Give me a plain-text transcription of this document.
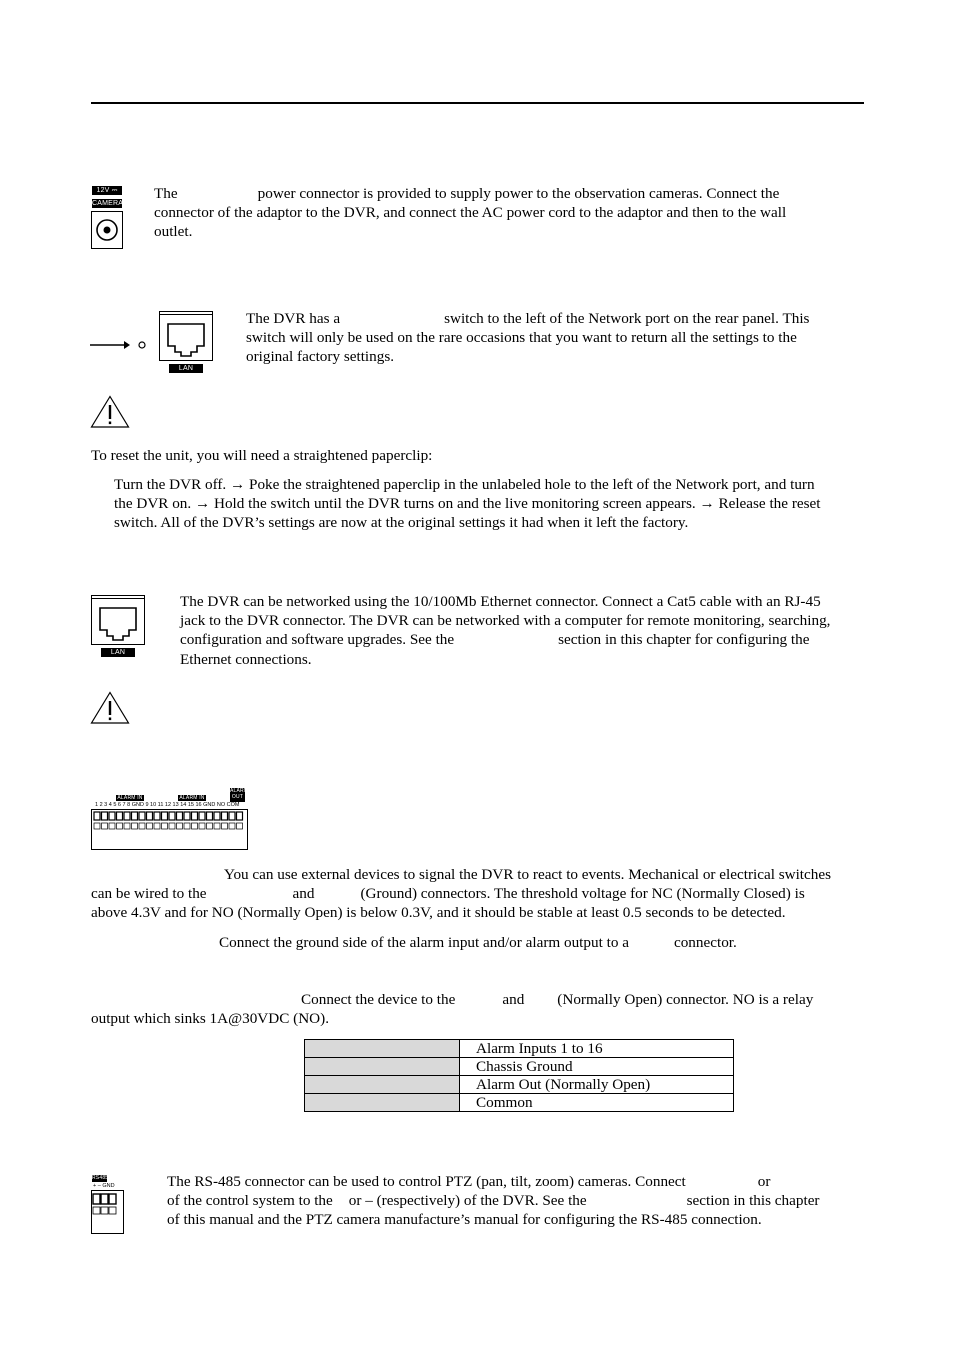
12V ⎓
CAMERA

The	power connector is provided to supply power to the observation cameras. Connect the
connector of the adaptor to the DVR, and connect the AC power cord to the adaptor and then to the wall
outlet.

LAN

The DVR has a	switch to the left of the Network port on the rear panel. This
switch will only be used on the rare occasions that you want to return all the settings to the
original factory settings.

To reset the unit, you will need a straightened paperclip:

Turn the DVR off. → Poke the straightened paperclip in the unlabeled hole to the left of the Network port, and turn
the DVR on. → Hold the switch until the DVR turns on and the live monitoring screen appears. → Release the reset
switch. All of the DVR’s settings are now at the original settings it had when it left the factory.

LAN

The DVR can be networked using the 10/100Mb Ethernet connector. Connect a Cat5 cable with an RJ-45
jack to the DVR connector. The DVR can be networked with a computer for remote monitoring, searching,
configuration and software upgrades. See the	section in this chapter for configuring the
Ethernet connections.

ALARM IN	ALARM IN
ALARM OUT
1 2 3 4 5 6 7 8 GND 9 10 11 12 13 14 15 16 GND NO COM

You can use external devices to signal the DVR to react to events. Mechanical or electrical switches
can be wired to the	and	(Ground) connectors. The threshold voltage for NC (Normally Closed) is
above 4.3V and for NO (Normally Open) is below 0.3V, and it should be stable at least 0.5 seconds to be detected.

Connect the ground side of the alarm input and/or alarm output to a	connector.

Connect the device to the	and (Normally Open) connector. NO is a relay
output which sinks 1A@30VDC (NO).

	Alarm Inputs 1 to 16
	Chassis Ground
	Alarm Out (Normally Open)
	Common
RS485
+ – GND	The RS-485 connector can be used to control PTZ (pan, tilt, zoom) cameras. Connect	or
of the control system to the or – (respectively) of the DVR. See the	section in this chapter
of this manual and the PTZ camera manufacture’s manual for configuring the RS-485 connection.
